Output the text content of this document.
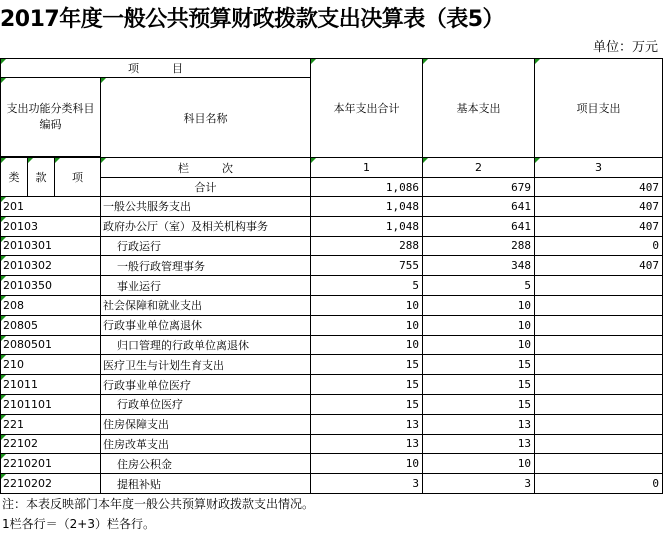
2017年度一般公共预算财政拨款支出决算表（表5）
单位：万元
项　　　目				本年支出合计	基本支出	项目支出
支出功能分类科目编码			科目名称			

类	款	项	栏　　　次	1	2	3
			合计	1,086	679	407
201			一般公共服务支出	1,048	641	407
20103			政府办公厅（室）及相关机构事务	1,048	641	407
2010301			行政运行	288	288	0
2010302			一般行政管理事务	755	348	407
2010350			事业运行	5	5	
208			社会保障和就业支出	10	10	
20805			行政事业单位离退休	10	10	
2080501			归口管理的行政单位离退休	10	10	
210			医疗卫生与计划生育支出	15	15	
21011			行政事业单位医疗	15	15	
2101101			行政单位医疗	15	15	
221			住房保障支出	13	13	
22102			住房改革支出	13	13	
2210201			住房公积金	10	10	
2210202			提租补贴	3	3	0
注：本表反映部门本年度一般公共预算财政拨款支出情况。
1栏各行＝（2+3）栏各行。
